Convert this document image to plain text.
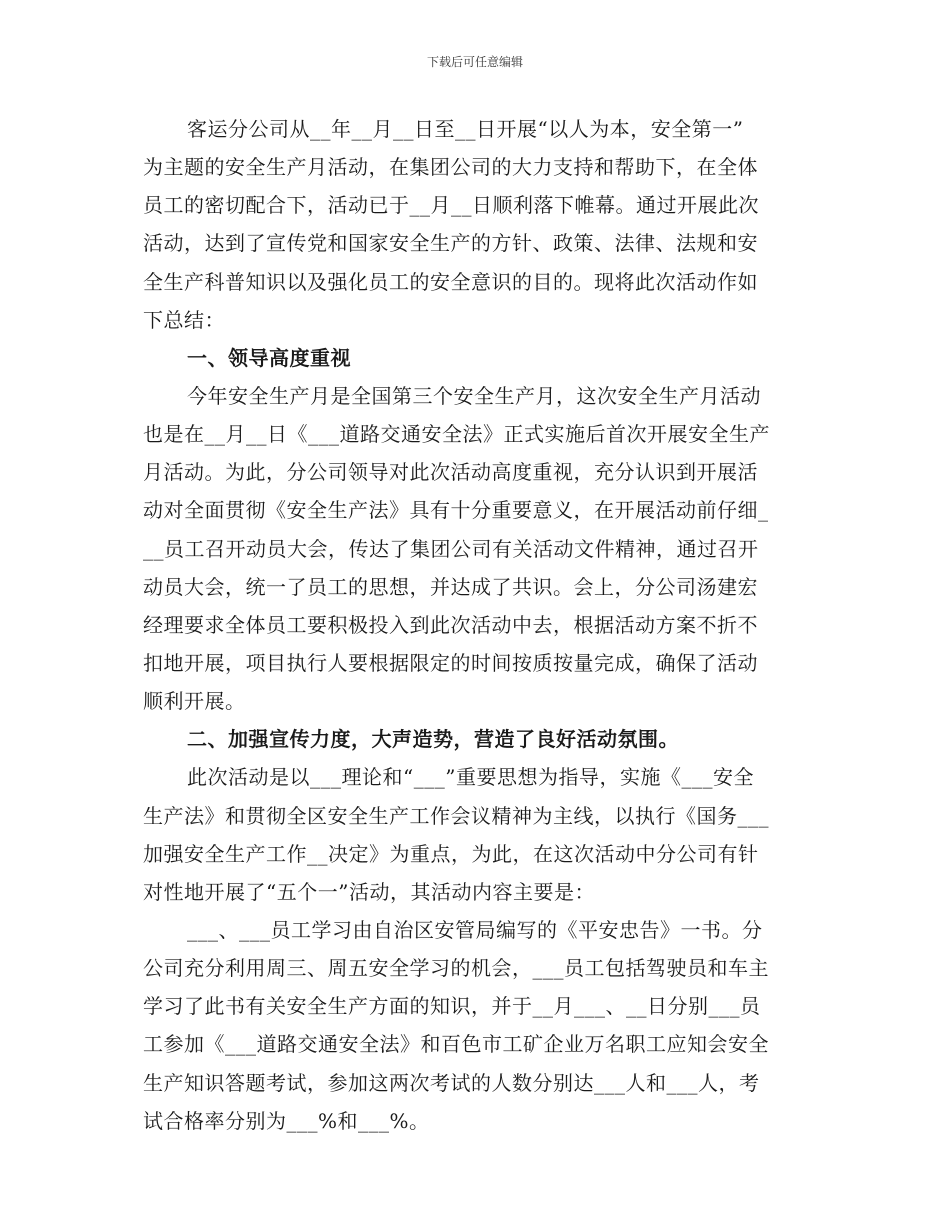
下载后可任意编辑
客运分公司从__年__月__日至__日开展“以人为本，安全第一”
为主题的安全生产月活动，在集团公司的大力支持和帮助下，在全体
员工的密切配合下，活动已于__月__日顺利落下帷幕。通过开展此次
活动，达到了宣传党和国家安全生产的方针、政策、法律、法规和安
全生产科普知识以及强化员工的安全意识的目的。现将此次活动作如
下总结：
一、领导高度重视
今年安全生产月是全国第三个安全生产月，这次安全生产月活动
也是在__月__日《___道路交通安全法》正式实施后首次开展安全生产
月活动。为此，分公司领导对此次活动高度重视，充分认识到开展活
动对全面贯彻《安全生产法》具有十分重要意义，在开展活动前仔细_
__员工召开动员大会，传达了集团公司有关活动文件精神，通过召开
动员大会，统一了员工的思想，并达成了共识。会上，分公司汤建宏
经理要求全体员工要积极投入到此次活动中去，根据活动方案不折不
扣地开展，项目执行人要根据限定的时间按质按量完成，确保了活动
顺利开展。
二、加强宣传力度，大声造势，营造了良好活动氛围。
此次活动是以___理论和“___”重要思想为指导，实施《___安全
生产法》和贯彻全区安全生产工作会议精神为主线，以执行《国务___
加强安全生产工作__决定》为重点，为此，在这次活动中分公司有针
对性地开展了“五个一”活动，其活动内容主要是：
___、___员工学习由自治区安管局编写的《平安忠告》一书。分
公司充分利用周三、周五安全学习的机会，___员工包括驾驶员和车主
学习了此书有关安全生产方面的知识，并于__月___、__日分别___员
工参加《___道路交通安全法》和百色市工矿企业万名职工应知会安全
生产知识答题考试，参加这两次考试的人数分别达___人和___人，考
试合格率分别为___%和___%。
